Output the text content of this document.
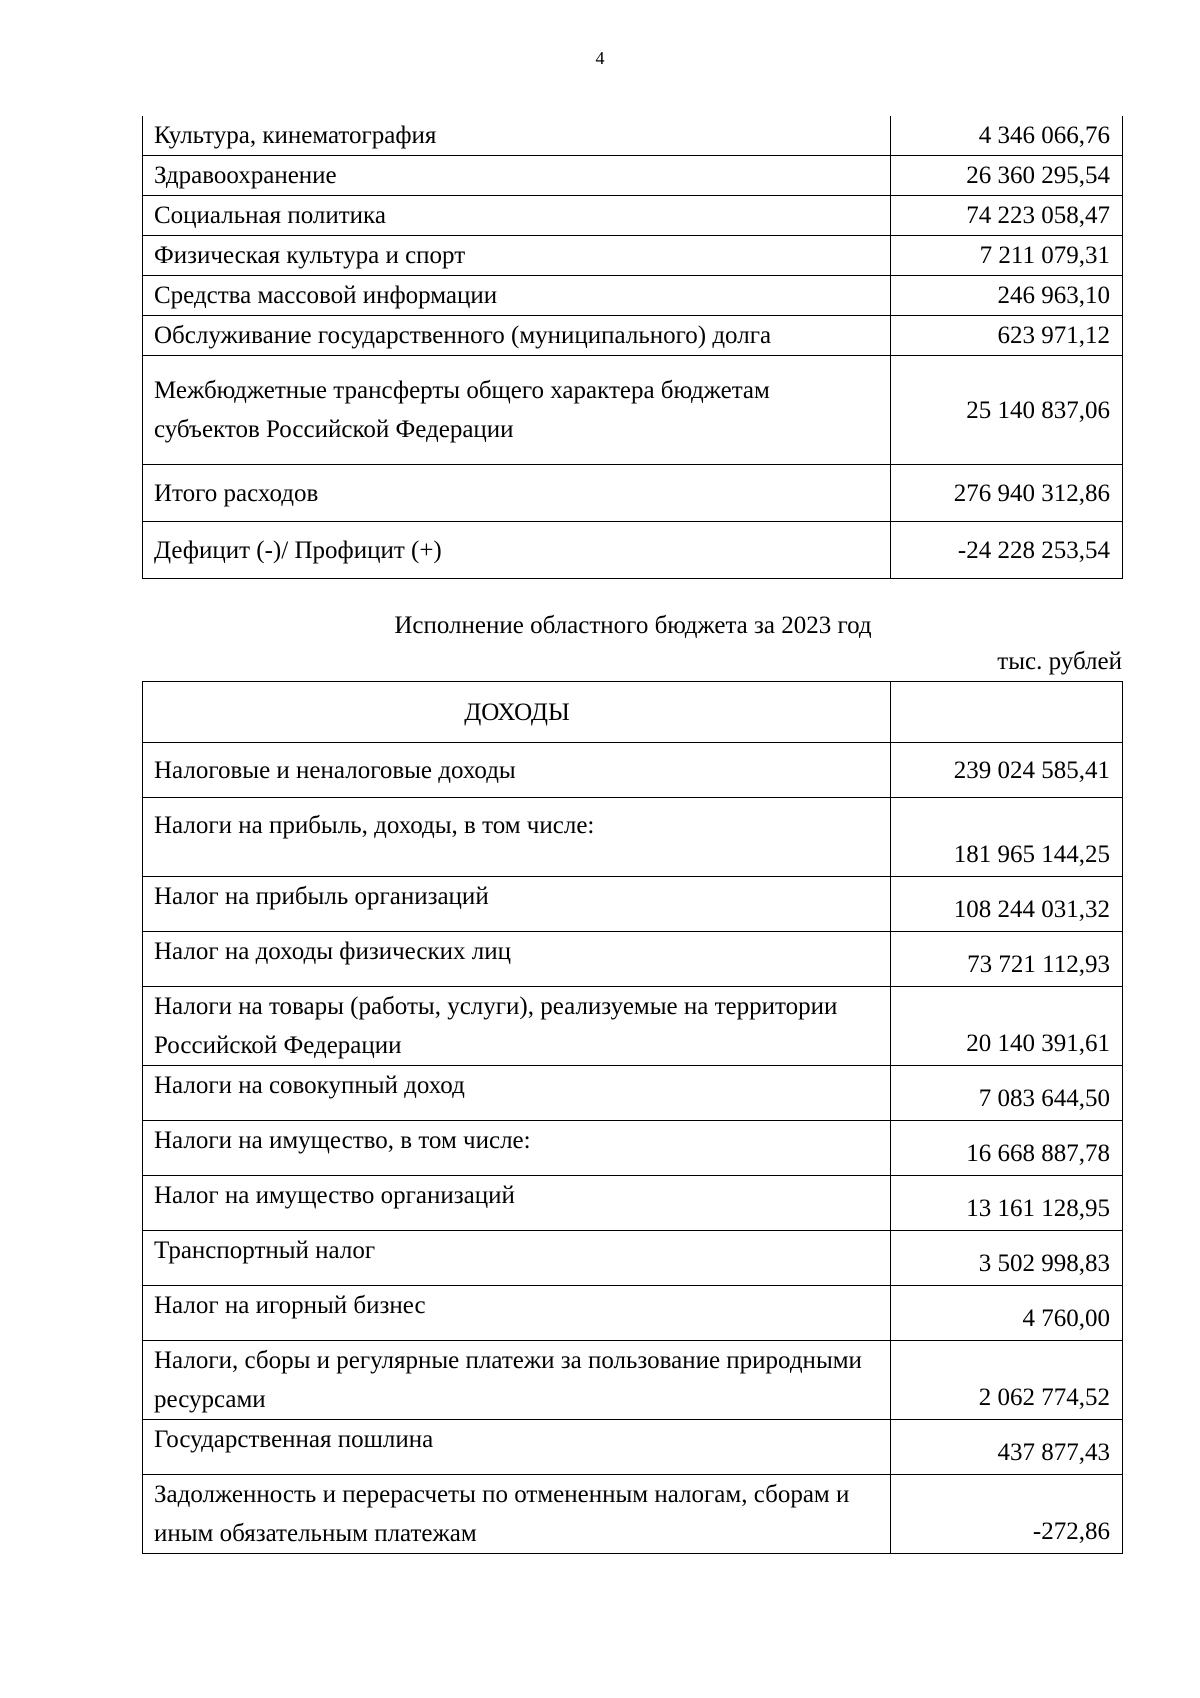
4
Культура, кинематография	4 346 066,76
Здравоохранение	26 360 295,54
Социальная политика	74 223 058,47
Физическая культура и спорт	7 211 079,31
Средства массовой информации	246 963,10
Обслуживание государственного (муниципального) долга	623 971,12
Межбюджетные трансферты общего характера бюджетам субъектов Российской Федерации	25 140 837,06
Итого расходов	276 940 312,86
Дефицит (-)/ Профицит (+)	-24 228 253,54
Исполнение областного бюджета за 2023 год
тыс. рублей
ДОХОДЫ	
Налоговые и неналоговые доходы	239 024 585,41
Налоги на прибыль, доходы, в том числе:	181 965 144,25
Налог на прибыль организаций	108 244 031,32
Налог на доходы физических лиц	73 721 112,93
Налоги на товары (работы, услуги), реализуемые на территории Российской Федерации	20 140 391,61
Налоги на совокупный доход	7 083 644,50
Налоги на имущество, в том числе:	16 668 887,78
Налог на имущество организаций	13 161 128,95
Транспортный налог	3 502 998,83
Налог на игорный бизнес	4 760,00
Налоги, сборы и регулярные платежи за пользование природными ресурсами	2 062 774,52
Государственная пошлина	437 877,43
Задолженность и перерасчеты по отмененным налогам, сборам и иным обязательным платежам	-272,86
